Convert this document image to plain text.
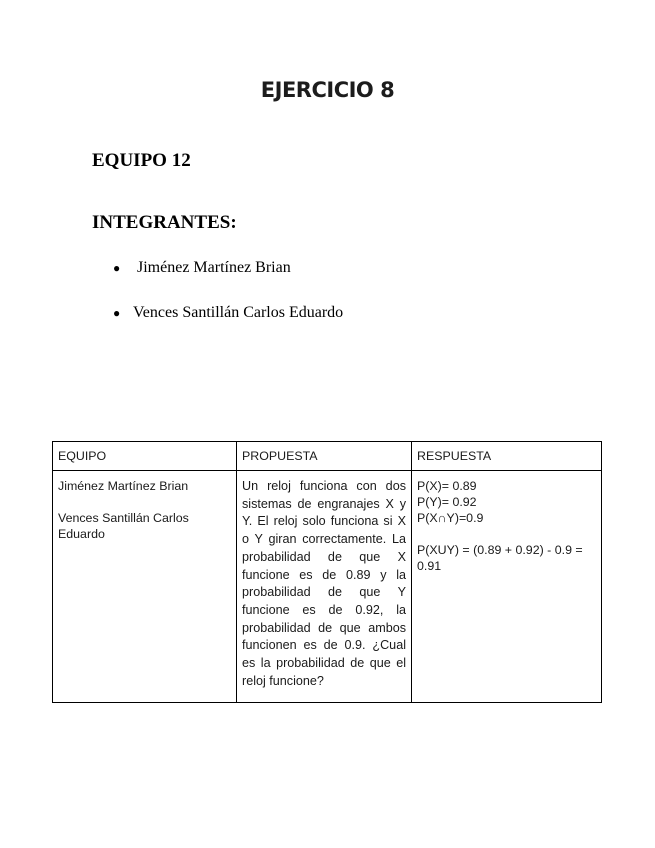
EJERCICIO 8
EQUIPO 12
INTEGRANTES:
● Jiménez Martínez Brian
● Vences Santillán Carlos Eduardo
EQUIPO	PROPUESTA	RESPUESTA
Jiménez Martínez Brian
Vences Santillán Carlos Eduardo
Un reloj funciona con dos sistemas de engranajes X y Y. El reloj solo funciona si X o Y giran correctamente. La probabilidad de que X funcione es de 0.89 y la probabilidad de que Y funcione es de 0.92, la probabilidad de que ambos funcionen es de 0.9. ¿Cual es la probabilidad de que el reloj funcione?
P(X)= 0.89
P(Y)= 0.92
P(X∩Y)=0.9
P(XUY) = (0.89 + 0.92) - 0.9 = 0.91
